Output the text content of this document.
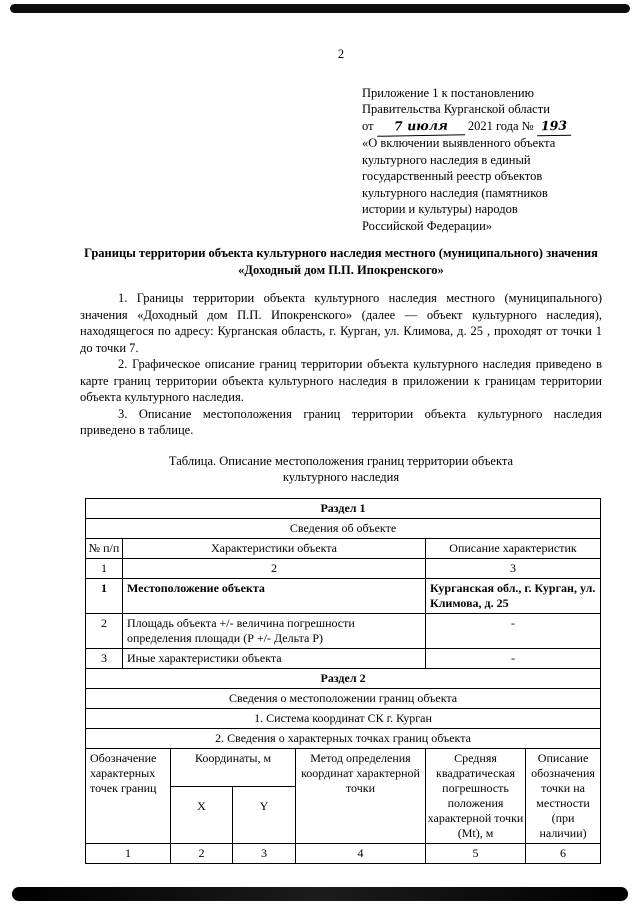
2
Приложение 1 к постановлению
Правительства Курганской области
от 7 июля 2021 года № 193
«О включении выявленного объекта
культурного наследия в единый
государственный реестр объектов
культурного наследия (памятников
истории и культуры) народов
Российской Федерации»
Границы территории объекта культурного наследия местного (муниципального) значения «Доходный дом П.П. Ипокренского»

1. Границы территории объекта культурного наследия местного (муниципального) значения «Доходный дом П.П. Ипокренского» (далее — объект культурного наследия), находящегося по адресу: Курганская область, г. Курган, ул. Климова, д. 25 , проходят от точки 1 до точки 7.

2. Графическое описание границ территории объекта культурного наследия приведено в карте границ территории объекта культурного наследия в приложении к границам территории объекта культурного наследия.

3. Описание местоположения границ территории объекта культурного наследия приведено в таблице.

Таблица. Описание местоположения границ территории объекта культурного наследия
Раздел 1		
Сведения об объекте		
№ п/п	Характеристики объекта	Описание характеристик
1	2	3
1	Местоположение объекта	Курганская обл., г. Курган, ул. Климова, д. 25
2	Площадь объекта +/- величина погрешности определения площади (Р +/- Дельта Р)	-
3	Иные характеристики объекта	-
Раздел 2					
Сведения о местоположении границ объекта					
1. Система координат СК г. Курган					
2. Сведения о характерных точках границ объекта					
Обозначение характерных точек границ	Координаты, м		Метод определения координат характерной точки	Средняя квадратическая погрешность положения характерной точки (Mt), м	Описание обозначения точки на местности (при наличии)
	X	Y			
1	2	3	4	5	6
